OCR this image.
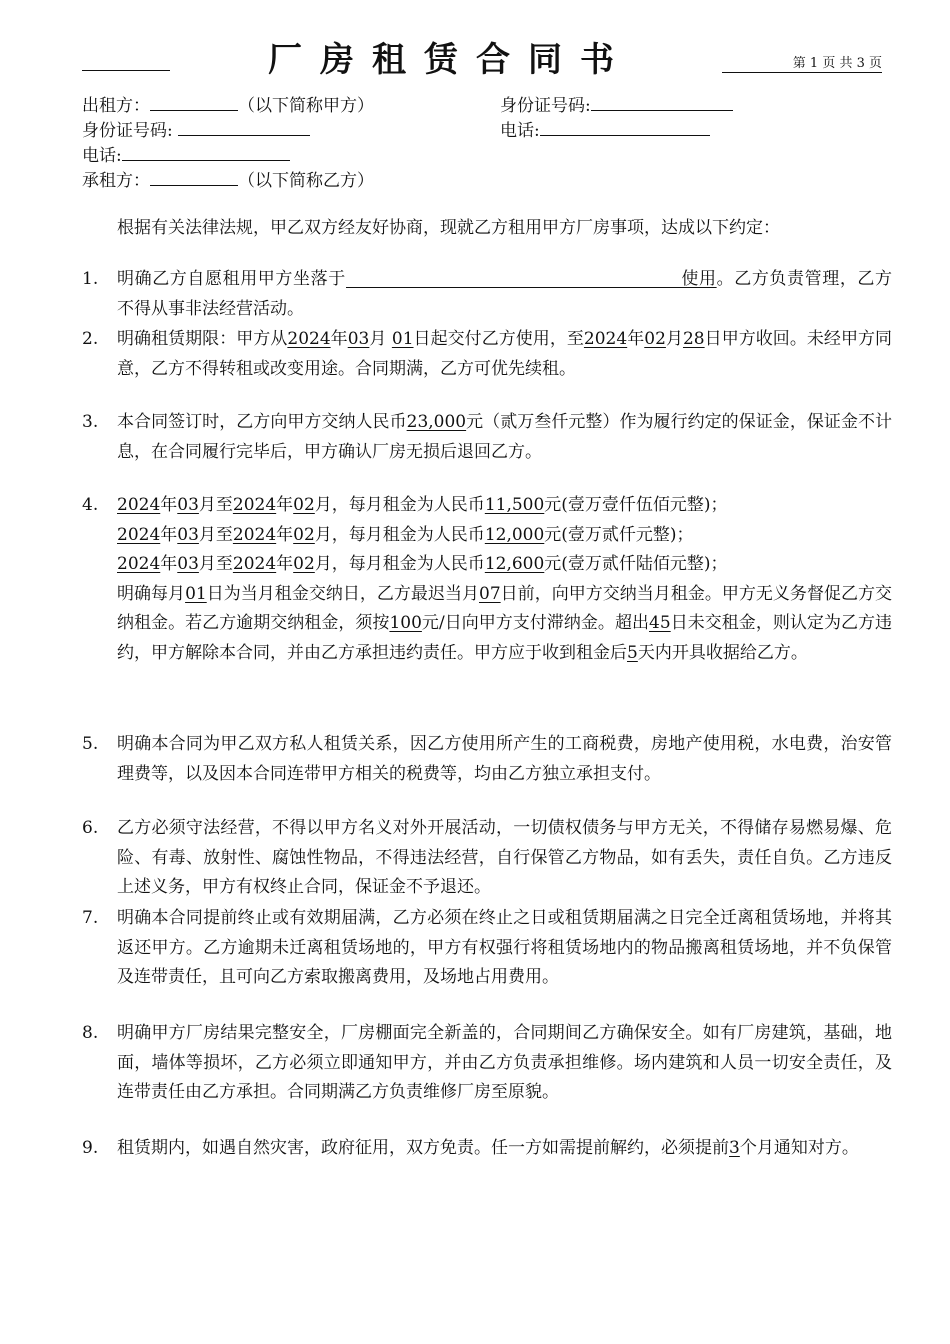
厂房租赁合同书	第 1 页 共 3 页
出租方：	（以下简称甲方）	身份证号码:
身份证号码:	电话:
电话:
承租方：	（以下简称乙方）
根据有关法律法规，甲乙双方经友好协商，现就乙方租用甲方厂房事项，达成以下约定：
1. 明确乙方自愿租用甲方坐落于	使用。乙方负责管理，乙方不得从事非法经营活动。
2. 明确租赁期限：甲方从2024年03月 01日起交付乙方使用，至2024年02月28日甲方收回。未经甲方同意，乙方不得转租或改变用途。合同期满，乙方可优先续租。
3. 本合同签订时，乙方向甲方交纳人民币23,000元（贰万叁仟元整）作为履行约定的保证金，保证金不计息，在合同履行完毕后，甲方确认厂房无损后退回乙方。
4. 2024年03月至2024年02月，每月租金为人民币11,500元(壹万壹仟伍佰元整)；
2024年03月至2024年02月，每月租金为人民币12,000元(壹万贰仟元整)；
2024年03月至2024年02月，每月租金为人民币12,600元(壹万贰仟陆佰元整)；
明确每月01日为当月租金交纳日，乙方最迟当月07日前，向甲方交纳当月租金。甲方无义务督促乙方交纳租金。若乙方逾期交纳租金，须按100元/日向甲方支付滞纳金。超出45日未交租金，则认定为乙方违约，甲方解除本合同，并由乙方承担违约责任。甲方应于收到租金后5天内开具收据给乙方。
5. 明确本合同为甲乙双方私人租赁关系，因乙方使用所产生的工商税费，房地产使用税，水电费，治安管理费等，以及因本合同连带甲方相关的税费等，均由乙方独立承担支付。
6. 乙方必须守法经营，不得以甲方名义对外开展活动，一切债权债务与甲方无关，不得储存易燃易爆、危险、有毒、放射性、腐蚀性物品，不得违法经营，自行保管乙方物品，如有丢失，责任自负。乙方违反上述义务，甲方有权终止合同，保证金不予退还。
7. 明确本合同提前终止或有效期届满，乙方必须在终止之日或租赁期届满之日完全迁离租赁场地，并将其返还甲方。乙方逾期未迁离租赁场地的，甲方有权强行将租赁场地内的物品搬离租赁场地，并不负保管及连带责任，且可向乙方索取搬离费用，及场地占用费用。
8. 明确甲方厂房结果完整安全，厂房棚面完全新盖的，合同期间乙方确保安全。如有厂房建筑，基础，地面，墙体等损坏，乙方必须立即通知甲方，并由乙方负责承担维修。场内建筑和人员一切安全责任，及连带责任由乙方承担。合同期满乙方负责维修厂房至原貌。
9. 租赁期内，如遇自然灾害，政府征用，双方免责。任一方如需提前解约，必须提前3个月通知对方。
